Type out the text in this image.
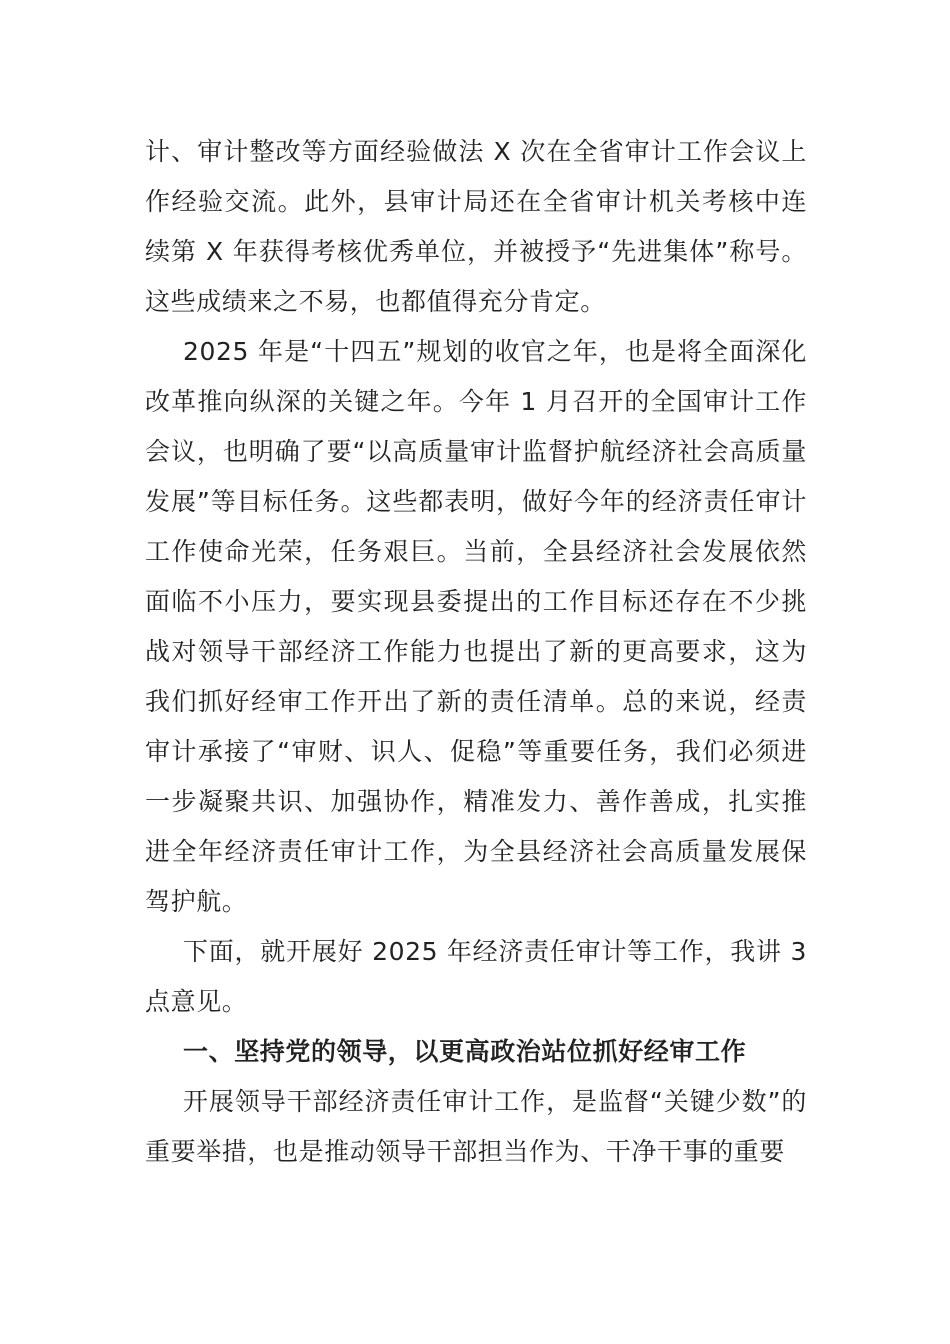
计、审计整改等方面经验做法 X 次在全省审计工作会议上作经验交流。此外，县审计局还在全省审计机关考核中连续第 X 年获得考核优秀单位，并被授予“先进集体”称号。这些成绩来之不易，也都值得充分肯定。

2025 年是“十四五”规划的收官之年，也是将全面深化改革推向纵深的关键之年。今年 1 月召开的全国审计工作会议，也明确了要“以高质量审计监督护航经济社会高质量发展”等目标任务。这些都表明，做好今年的经济责任审计工作使命光荣，任务艰巨。当前，全县经济社会发展依然面临不小压力，要实现县委提出的工作目标还存在不少挑战对领导干部经济工作能力也提出了新的更高要求，这为我们抓好经审工作开出了新的责任清单。总的来说，经责审计承接了“审财、识人、促稳”等重要任务，我们必须进一步凝聚共识、加强协作，精准发力、善作善成，扎实推进全年经济责任审计工作，为全县经济社会高质量发展保驾护航。

下面，就开展好 2025 年经济责任审计等工作，我讲 3 点意见。

一、坚持党的领导，以更高政治站位抓好经审工作

开展领导干部经济责任审计工作，是监督“关键少数”的重要举措，也是推动领导干部担当作为、干净干事的重要
